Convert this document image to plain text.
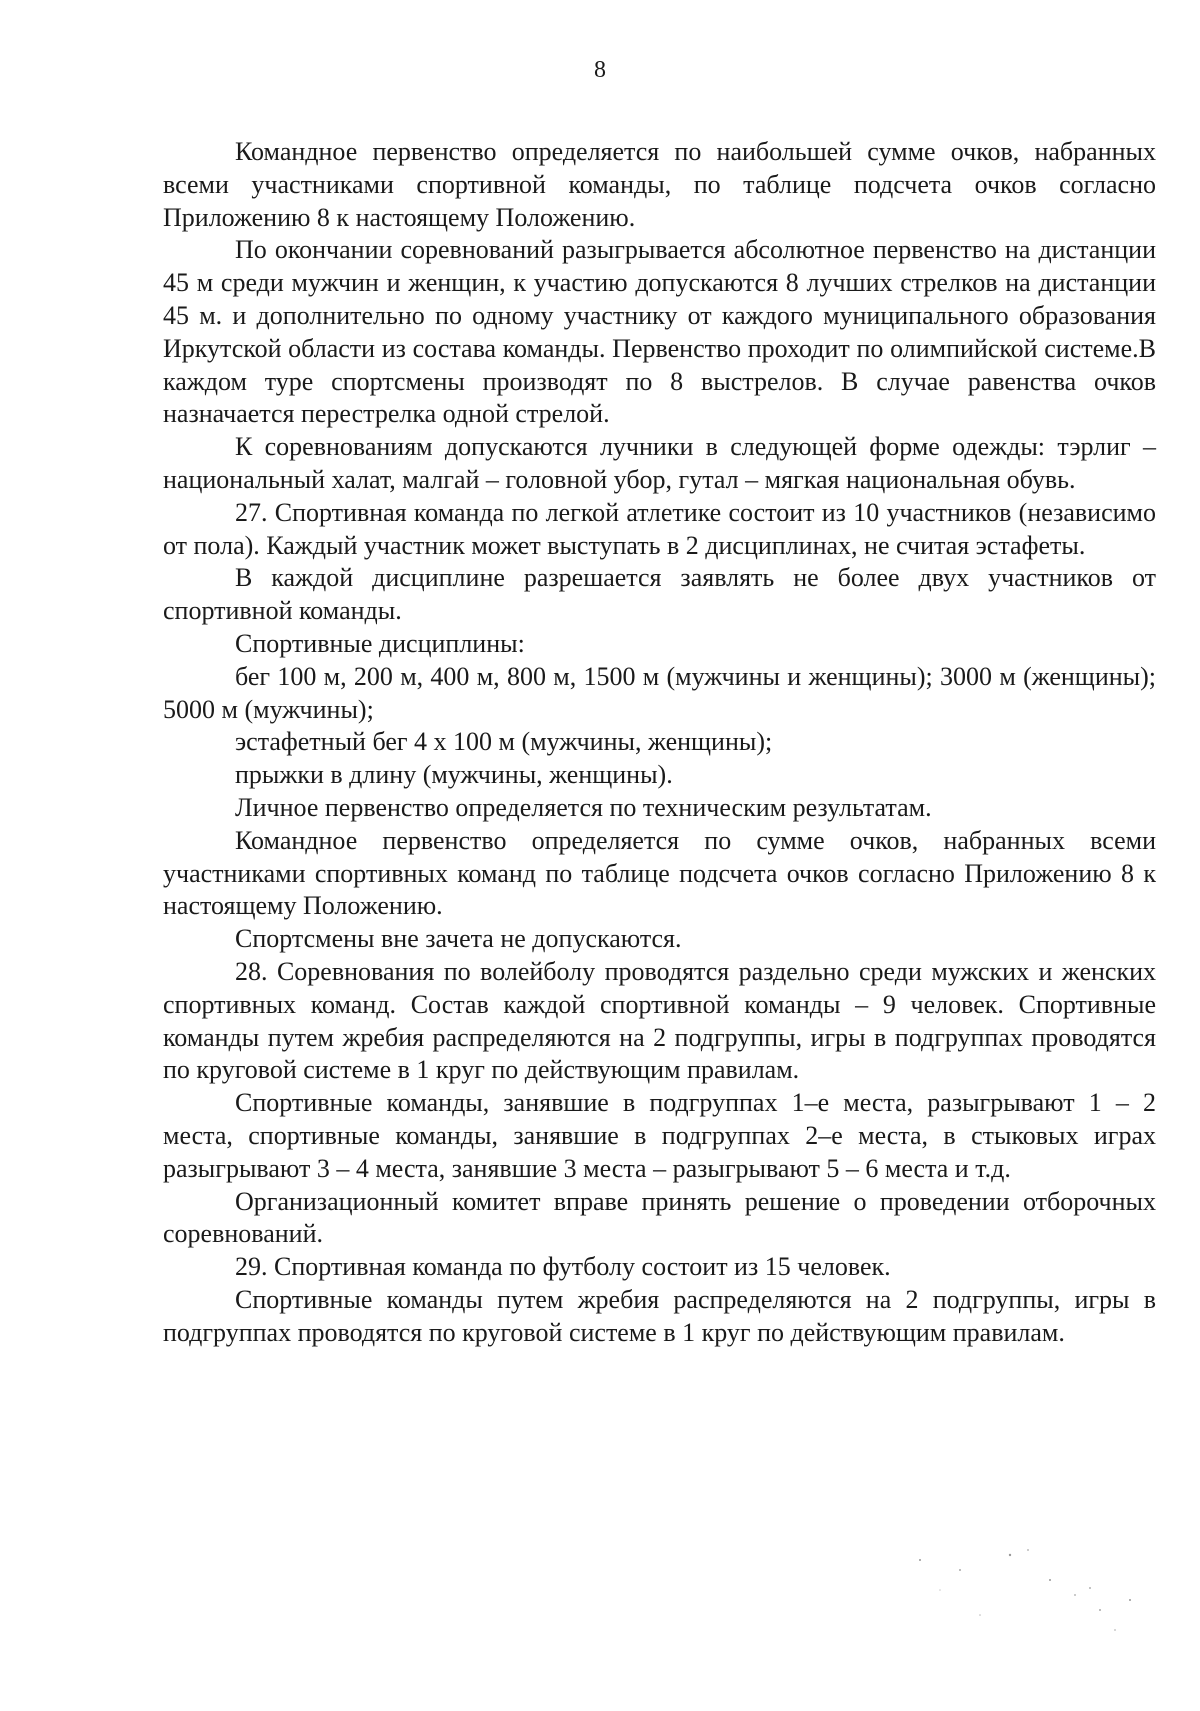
8

Командное первенство определяется по наибольшей сумме очков, набранных всеми участниками спортивной команды, по таблице подсчета очков согласно Приложению 8 к настоящему Положению.

По окончании соревнований разыгрывается абсолютное первенство на дистанции 45 м среди мужчин и женщин, к участию допускаются 8 лучших стрелков на дистанции 45 м. и дополнительно по одному участнику от каждого муниципального образования Иркутской области из состава команды. Первенство проходит по олимпийской системе.В каждом туре спортсмены производят по 8 выстрелов. В случае равенства очков назначается перестрелка одной стрелой.

К соревнованиям допускаются лучники в следующей форме одежды: тэрлиг – национальный халат, малгай – головной убор, гутал – мягкая национальная обувь.

27. Спортивная команда по легкой атлетике состоит из 10 участников (независимо от пола). Каждый участник может выступать в 2 дисциплинах, не считая эстафеты.

В каждой дисциплине разрешается заявлять не более двух участников от спортивной команды.

Спортивные дисциплины:

бег 100 м, 200 м, 400 м, 800 м, 1500 м (мужчины и женщины); 3000 м (женщины); 5000 м (мужчины);

эстафетный бег 4 х 100 м (мужчины, женщины);

прыжки в длину (мужчины, женщины).

Личное первенство определяется по техническим результатам.

Командное первенство определяется по сумме очков, набранных всеми участниками спортивных команд по таблице подсчета очков согласно Приложению 8 к настоящему Положению.

Спортсмены вне зачета не допускаются.

28. Соревнования по волейболу проводятся раздельно среди мужских и женских спортивных команд. Состав каждой спортивной команды – 9 человек. Спортивные команды путем жребия распределяются на 2 подгруппы, игры в подгруппах проводятся по круговой системе в 1 круг по действующим правилам.

Спортивные команды, занявшие в подгруппах 1–е места, разыгрывают 1 – 2 места, спортивные команды, занявшие в подгруппах 2–е места, в стыковых играх разыгрывают 3 – 4 места, занявшие 3 места – разыгрывают 5 – 6 места и т.д.

Организационный комитет вправе принять решение о проведении отборочных соревнований.

29. Спортивная команда по футболу состоит из 15 человек.

Спортивные команды путем жребия распределяются на 2 подгруппы, игры в подгруппах проводятся по круговой системе в 1 круг по действующим правилам.
